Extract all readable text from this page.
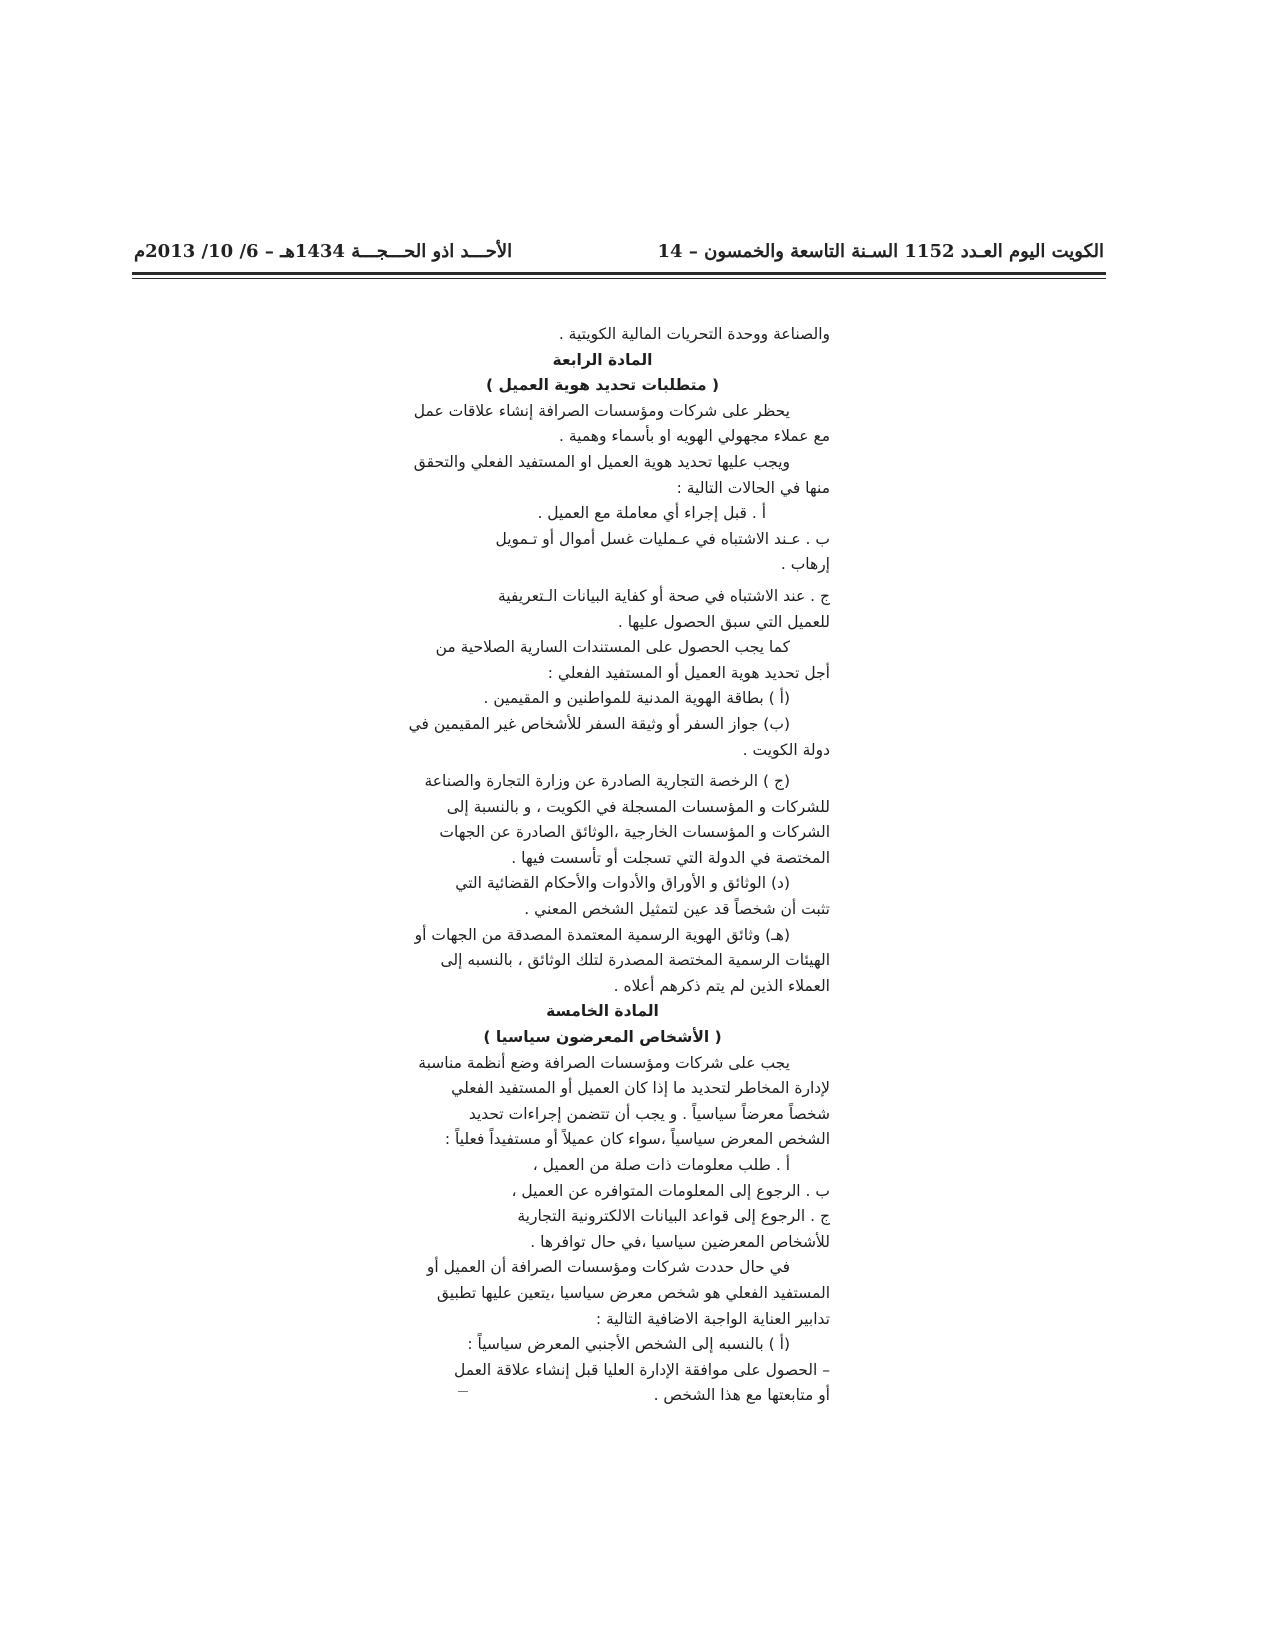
الكويت اليوم العـدد 1152 السـنة التاسعة والخمسون – 14
الأحـــد اذو الحـــجـــة 1434هـ – 6/ 10/ 2013م
والصناعة ووحدة التحريات المالية الكويتية .
المادة الرابعة
( متطلبات تحديد هوية العميل )
يحظر على شركات ومؤسسات الصرافة إنشاء علاقات عمل
مع عملاء مجهولي الهويه او بأسماء وهمية .
ويجب عليها تحديد هوية العميل او المستفيد الفعلي والتحقق
منها في الحالات التالية :
أ . قبل إجراء أي معاملة مع العميل .
ب . عـند الاشتباه في عـمليات غسل أموال أو تـمويل
إرهاب .
ج . عند الاشتباه في صحة أو كفاية البيانات الـتعريفية
للعميل التي سبق الحصول عليها .
كما يجب الحصول على المستندات السارية الصلاحية من
أجل تحديد هوية العميل أو المستفيد الفعلي :
(أ ) بطاقة الهوية المدنية للمواطنين و المقيمين .
(ب) جواز السفر أو وثيقة السفر للأشخاص غير المقيمين في
دولة الكويت .
(ج ) الرخصة التجارية الصادرة عن وزارة التجارة والصناعة
للشركات و المؤسسات المسجلة في الكويت ، و بالنسبة إلى
الشركات و المؤسسات الخارجية ،الوثائق الصادرة عن الجهات
المختصة في الدولة التي تسجلت أو تأسست فيها .
(د) الوثائق و الأوراق والأدوات والأحكام القضائية التي
تثبت أن شخصاً قد عين لتمثيل الشخص المعني .
(هـ) وثائق الهوية الرسمية المعتمدة المصدقة من الجهات أو
الهيئات الرسمية المختصة المصدرة لتلك الوثائق ، بالنسبه إلى
العملاء الذين لم يتم ذكرهم أعلاه .
المادة الخامسة
( الأشخاص المعرضون سياسيا )
يجب على شركات ومؤسسات الصرافة وضع أنظمة مناسبة
لإدارة المخاطر لتحديد ما إذا كان العميل أو المستفيد الفعلي
شخصاً معرضاً سياسياً . و يجب أن تتضمن إجراءات تحديد
الشخص المعرض سياسياً ،سواء كان عميلاً أو مستفيداً فعلياً :
أ . طلب معلومات ذات صلة من العميل ،
ب . الرجوع إلى المعلومات المتوافره عن العميل ،
ج . الرجوع إلى قواعد البيانات الالكترونية التجارية
للأشخاص المعرضين سياسيا ،في حال توافرها .
في حال حددت شركات ومؤسسات الصرافة أن العميل أو
المستفيد الفعلي هو شخص معرض سياسيا ،يتعين عليها تطبيق
تدابير العناية الواجبة الاضافية التالية :
(أ ) بالنسبه إلى الشخص الأجنبي المعرض سياسياً :
– الحصول على موافقة الإدارة العليا قبل إنشاء علاقة العمل
أو متابعتها مع هذا الشخص .
